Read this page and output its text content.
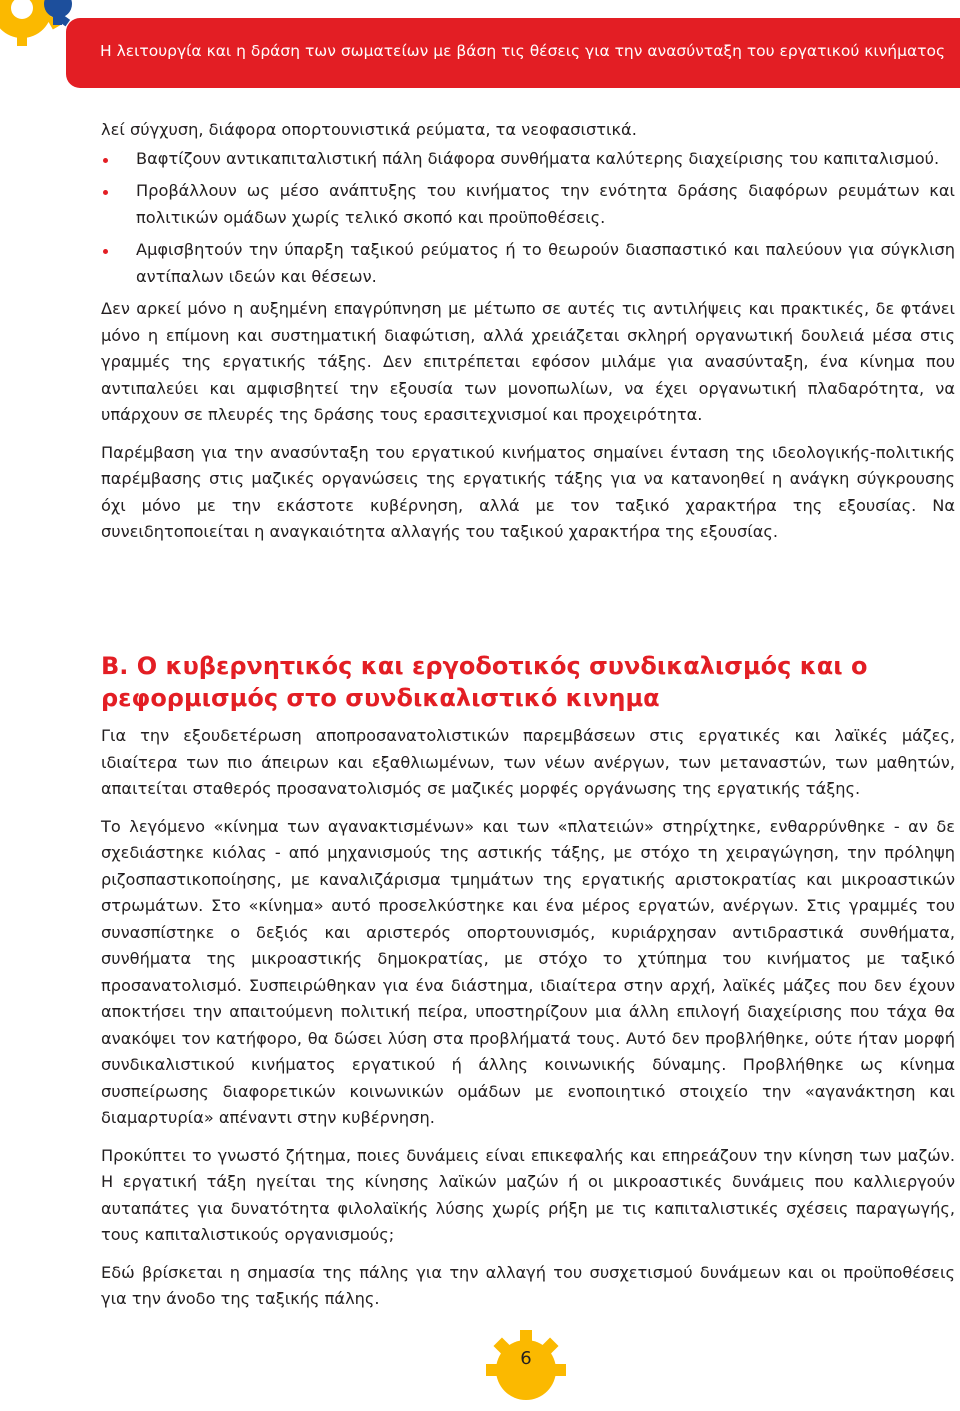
Η λειτουργία και η δράση των σωματείων με βάση τις θέσεις για την ανασύνταξη του εργατικού κινήματος

λεί σύγχυση, διάφορα οπορτουνιστικά ρεύματα, τα νεοφασιστικά.

Βαφτίζουν αντικαπιταλιστική πάλη διάφορα συνθήματα καλύτερης διαχείρισης του καπιταλισμού.
Προβάλλουν ως μέσο ανάπτυξης του κινήματος την ενότητα δράσης διαφόρων ρευμάτων και πολιτικών ομάδων χωρίς τελικό σκοπό και προϋποθέσεις.
Αμφισβητούν την ύπαρξη ταξικού ρεύματος ή το θεωρούν διασπαστικό και παλεύουν για σύγκλιση αντίπαλων ιδεών και θέσεων.

Δεν αρκεί μόνο η αυξημένη επαγρύπνηση με μέτωπο σε αυτές τις αντιλήψεις και πρακτικές, δε φτάνει μόνο η επίμονη και συστηματική διαφώτιση, αλλά χρειάζεται σκληρή οργανωτική δουλειά μέσα στις γραμμές της εργατικής τάξης. Δεν επιτρέπεται εφόσον μιλάμε για ανασύνταξη, ένα κίνημα που αντιπαλεύει και αμφισβητεί την εξουσία των μονοπωλίων, να έχει οργανωτική πλαδαρότητα, να υπάρχουν σε πλευρές της δράσης τους ερασιτεχνισμοί και προχειρότητα.

Παρέμβαση για την ανασύνταξη του εργατικού κινήματος σημαίνει ένταση της ιδεολογικής-πολιτικής παρέμβασης στις μαζικές οργανώσεις της εργατικής τάξης για να κατανοηθεί η ανάγκη σύγκρουσης όχι μόνο με την εκάστοτε κυβέρνηση, αλλά με τον ταξικό χαρακτήρα της εξουσίας. Να συνειδητοποιείται η αναγκαιότητα αλλαγής του ταξικού χαρακτήρα της εξουσίας.

Β. Ο κυβερνητικός και εργοδοτικός συνδικαλισμός και ο ρεφορμισμός στο συνδικαλιστικό κινημα

Για την εξουδετέρωση αποπροσανατολιστικών παρεμβάσεων στις εργατικές και λαϊκές μάζες, ιδιαίτερα των πιο άπειρων και εξαθλιωμένων, των νέων ανέργων, των μεταναστών, των μαθητών, απαιτείται σταθερός προσανατολισμός σε μαζικές μορφές οργάνωσης της εργατικής τάξης.

Το λεγόμενο «κίνημα των αγανακτισμένων» και των «πλατειών» στηρίχτηκε, ενθαρρύνθηκε - αν δε σχεδιάστηκε κιόλας - από μηχανισμούς της αστικής τάξης, με στόχο τη χειραγώγηση, την πρόληψη ριζοσπαστικοποίησης, με καναλιζάρισμα τμημάτων της εργατικής αριστοκρατίας και μικροαστικών στρωμάτων. Στο «κίνημα» αυτό προσελκύστηκε και ένα μέρος εργατών, ανέργων. Στις γραμμές του συνασπίστηκε ο δεξιός και αριστερός οπορτουνισμός, κυριάρχησαν αντιδραστικά συνθήματα, συνθήματα της μικροαστικής δημοκρατίας, με στόχο το χτύπημα του κινήματος με ταξικό προσανατολισμό. Συσπειρώθηκαν για ένα διάστημα, ιδιαίτερα στην αρχή, λαϊκές μάζες που δεν έχουν αποκτήσει την απαιτούμενη πολιτική πείρα, υποστηρίζουν μια άλλη επιλογή διαχείρισης που τάχα θα ανακόψει τον κατήφορο, θα δώσει λύση στα προβλήματά τους. Αυτό δεν προβλήθηκε, ούτε ήταν μορφή συνδικαλιστικού κινήματος εργατικού ή άλλης κοινωνικής δύναμης. Προβλήθηκε ως κίνημα συσπείρωσης διαφορετικών κοινωνικών ομάδων με ενοποιητικό στοιχείο την «αγανάκτηση και διαμαρτυρία» απέναντι στην κυβέρνηση.

Προκύπτει το γνωστό ζήτημα, ποιες δυνάμεις είναι επικεφαλής και επηρεάζουν την κίνηση των μαζών. Η εργατική τάξη ηγείται της κίνησης λαϊκών μαζών ή οι μικροαστικές δυνάμεις που καλλιεργούν αυταπάτες για δυνατότητα φιλολαϊκής λύσης χωρίς ρήξη με τις καπιταλιστικές σχέσεις παραγωγής, τους καπιταλιστικούς οργανισμούς;

Εδώ βρίσκεται η σημασία της πάλης για την αλλαγή του συσχετισμού δυνάμεων και οι προϋποθέσεις για την άνοδο της ταξικής πάλης.

6
